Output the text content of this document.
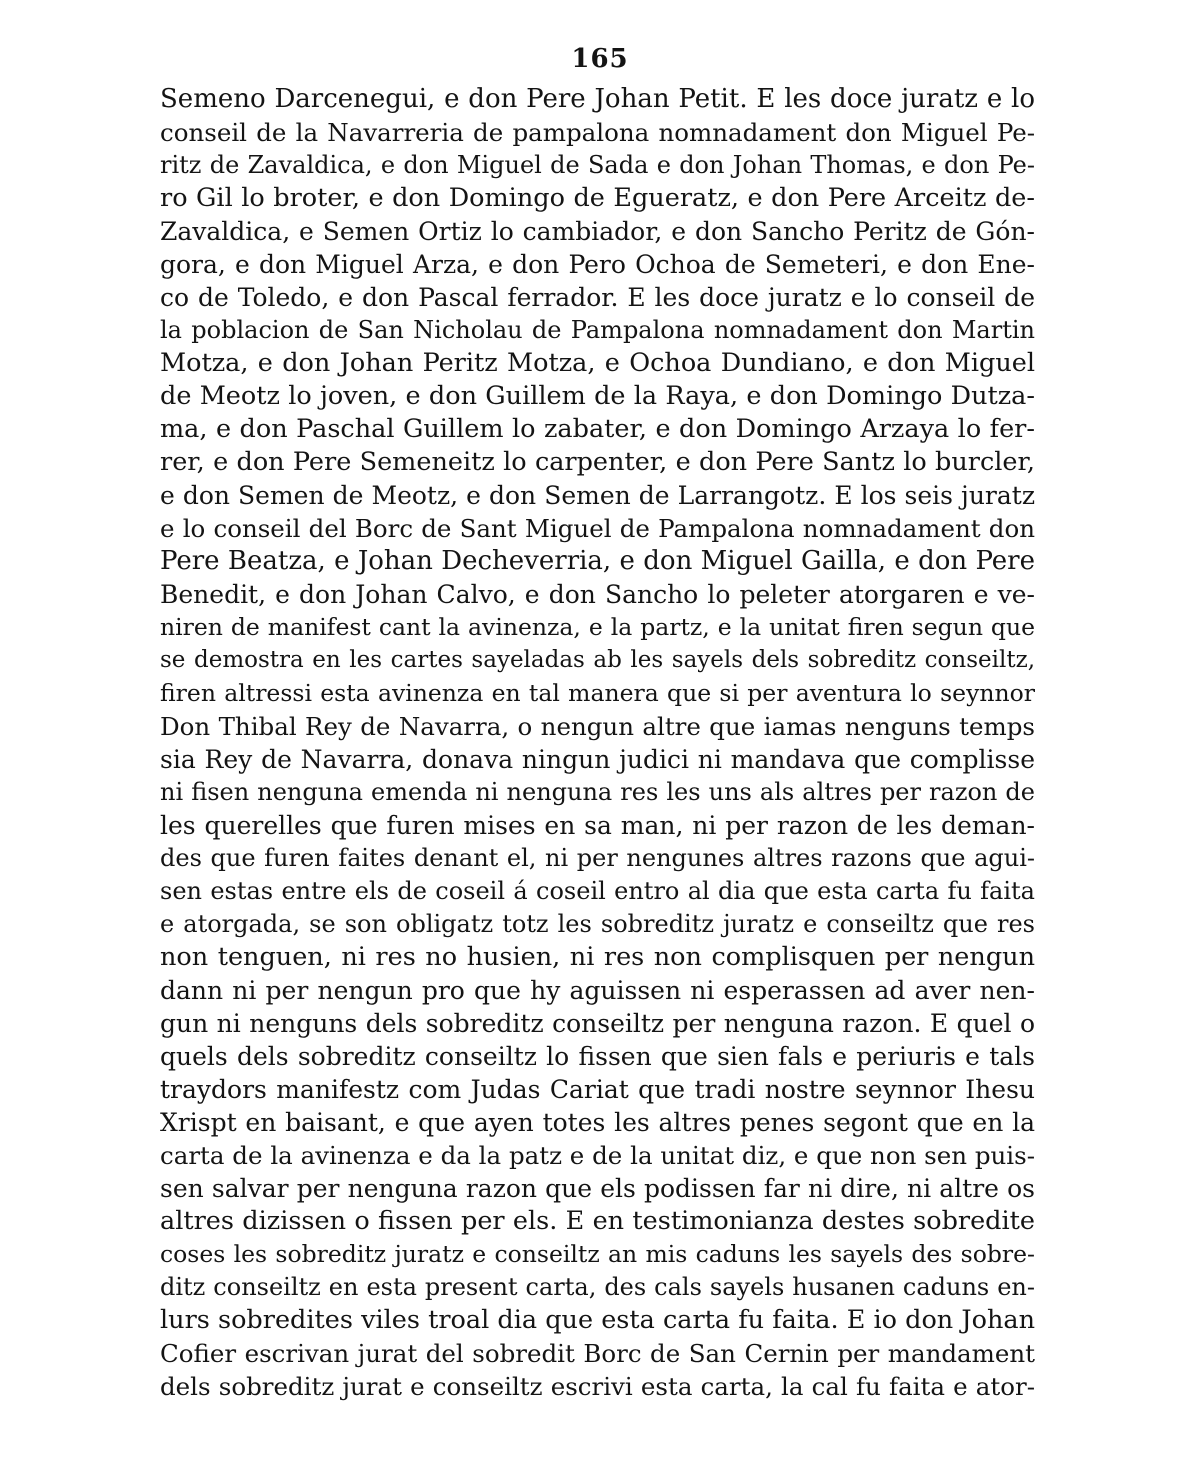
165
Semeno Darcenegui, e don Pere Johan Petit. E les doce juratz e lo
conseil de la Navarreria de pampalona nomnadament don Miguel Pe-
ritz de Zavaldica, e don Miguel de Sada e don Johan Thomas, e don Pe-
ro Gil lo broter, e don Domingo de Egueratz, e don Pere Arceitz de-
Zavaldica, e Semen Ortiz lo cambiador, e don Sancho Peritz de Gón-
gora, e don Miguel Arza, e don Pero Ochoa de Semeteri, e don Ene-
co de Toledo, e don Pascal ferrador. E les doce juratz e lo conseil de
la poblacion de San Nicholau de Pampalona nomnadament don Martin
Motza, e don Johan Peritz Motza, e Ochoa Dundiano, e don Miguel
de Meotz lo joven, e don Guillem de la Raya, e don Domingo Dutza-
ma, e don Paschal Guillem lo zabater, e don Domingo Arzaya lo fer-
rer, e don Pere Semeneitz lo carpenter, e don Pere Santz lo burcler,
e don Semen de Meotz, e don Semen de Larrangotz. E los seis juratz
e lo conseil del Borc de Sant Miguel de Pampalona nomnadament don
Pere Beatza, e Johan Decheverria, e don Miguel Gailla, e don Pere
Benedit, e don Johan Calvo, e don Sancho lo peleter atorgaren e ve-
niren de manifest cant la avinenza, e la partz, e la unitat firen segun que
se demostra en les cartes sayeladas ab les sayels dels sobreditz conseiltz,
firen altressi esta avinenza en tal manera que si per aventura lo seynnor
Don Thibal Rey de Navarra, o nengun altre que iamas nenguns temps
sia Rey de Navarra, donava ningun judici ni mandava que complisse
ni fisen nenguna emenda ni nenguna res les uns als altres per razon de
les querelles que furen mises en sa man, ni per razon de les deman-
des que furen faites denant el, ni per nengunes altres razons que agui-
sen estas entre els de coseil á coseil entro al dia que esta carta fu faita
e atorgada, se son obligatz totz les sobreditz juratz e conseiltz que res
non tenguen, ni res no husien, ni res non complisquen per nengun
dann ni per nengun pro que hy aguissen ni esperassen ad aver nen-
gun ni nenguns dels sobreditz conseiltz per nenguna razon. E quel o
quels dels sobreditz conseiltz lo fissen que sien fals e periuris e tals
traydors manifestz com Judas Cariat que tradi nostre seynnor Ihesu
Xrispt en baisant, e que ayen totes les altres penes segont que en la
carta de la avinenza e da la patz e de la unitat diz, e que non sen puis-
sen salvar per nenguna razon que els podissen far ni dire, ni altre os
altres dizissen o fissen per els. E en testimonianza destes sobredite
coses les sobreditz juratz e conseiltz an mis caduns les sayels des sobre-
ditz conseiltz en esta present carta, des cals sayels husanen caduns en-
lurs sobredites viles troal dia que esta carta fu faita. E io don Johan
Cofier escrivan jurat del sobredit Borc de San Cernin per mandament
dels sobreditz jurat e conseiltz escrivi esta carta, la cal fu faita e ator-
